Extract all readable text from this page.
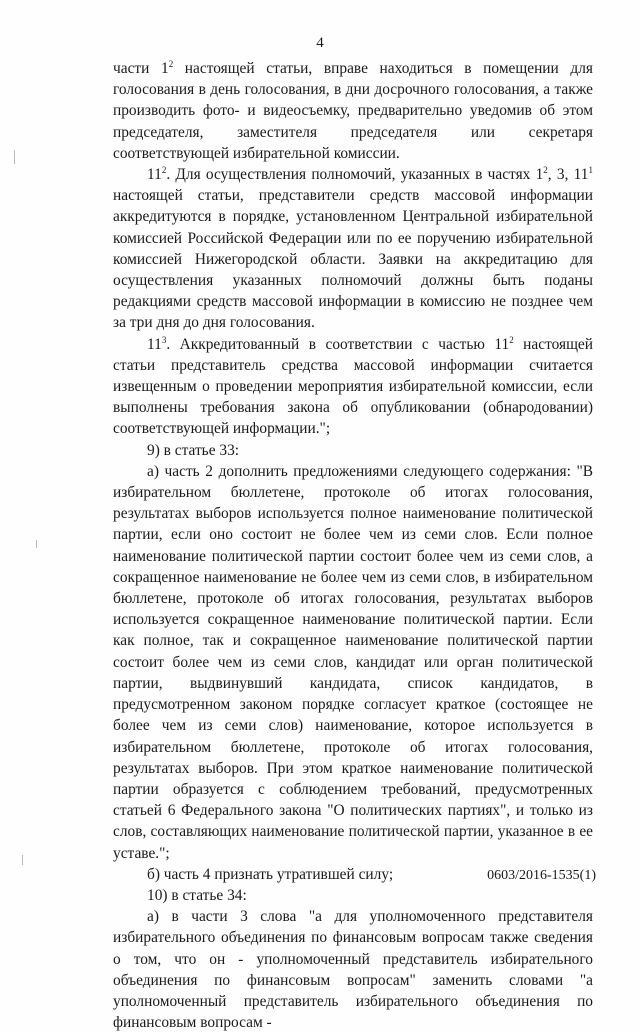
4

части $1^2$ настоящей статьи, вправе находиться в помещении для голосования в день голосования, в дни досрочного голосования, а также производить фото- и видеосъемку, предварительно уведомив об этом председателя, заместителя председателя или секретаря соответствующей избирательной комиссии.

$11^2$. Для осуществления полномочий, указанных в частях $1^2$, 3, $11^1$ настоящей статьи, представители средств массовой информации аккредитуются в порядке, установленном Центральной избирательной комиссией Российской Федерации или по ее поручению избирательной комиссией Нижегородской области. Заявки на аккредитацию для осуществления указанных полномочий должны быть поданы редакциями средств массовой информации в комиссию не позднее чем за три дня до дня голосования.

$11^3$. Аккредитованный в соответствии с частью $11^2$ настоящей статьи представитель средства массовой информации считается извещенным о проведении мероприятия избирательной комиссии, если выполнены требования закона об опубликовании (обнародовании) соответствующей информации.";

9) в статье 33:

а) часть 2 дополнить предложениями следующего содержания: "В избирательном бюллетене, протоколе об итогах голосования, результатах выборов используется полное наименование политической партии, если оно состоит не более чем из семи слов. Если полное наименование политической партии состоит более чем из семи слов, а сокращенное наименование не более чем из семи слов, в избирательном бюллетене, протоколе об итогах голосования, результатах выборов используется сокращенное наименование политической партии. Если как полное, так и сокращенное наименование политической партии состоит более чем из семи слов, кандидат или орган политической партии, выдвинувший кандидата, список кандидатов, в предусмотренном законом порядке согласует краткое (состоящее не более чем из семи слов) наименование, которое используется в избирательном бюллетене, протоколе об итогах голосования, результатах выборов. При этом краткое наименование политической партии образуется с соблюдением требований, предусмотренных статьей 6 Федерального закона "О политических партиях", и только из слов, составляющих наименование политической партии, указанное в ее уставе.";

б) часть 4 признать утратившей силу;

10) в статье 34:

а) в части 3 слова "а для уполномоченного представителя избирательного объединения по финансовым вопросам также сведения о том, что он - уполномоченный представитель избирательного объединения по финансовым вопросам" заменить словами "а уполномоченный представитель избирательного объединения по финансовым вопросам -

0603/2016-1535(1)
